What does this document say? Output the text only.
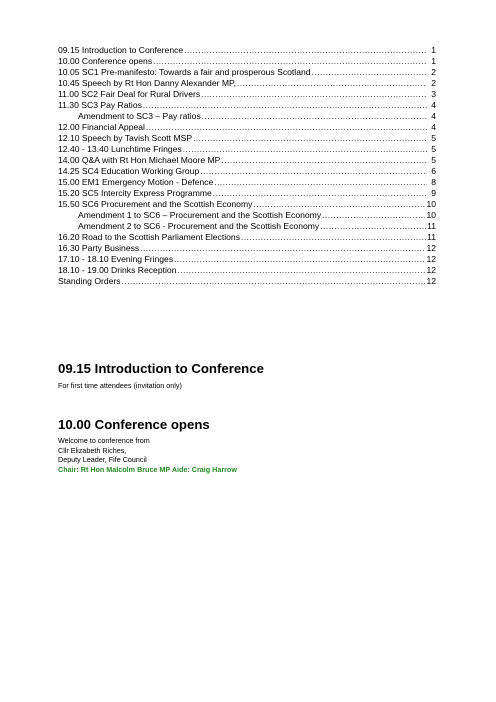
09.15 Introduction to Conference .....	1
10.00 Conference opens .....	1
10.05 SC1 Pre-manifesto: Towards a fair and prosperous Scotland .....	2
10.45 Speech by Rt Hon Danny Alexander MP, .....	2
11.00 SC2 Fair Deal for Rural Drivers .....	3
11.30 SC3 Pay Ratios .....	4
Amendment to SC3 – Pay ratios .....	4
12.00 Financial Appeal .....	4
12.10 Speech by Tavish Scott MSP .....	5
12.40 - 13.40 Lunchtime Fringes .....	5
14.00 Q&A with Rt Hon Michael Moore MP .....	5
14.25 SC4 Education Working Group .....	6
15.00 EM1 Emergency Motion - Defence .....	8
15.20 SC5 Intercity Express Programme .....	9
15.50 SC6 Procurement and the Scottish Economy .....	10
Amendment 1 to SC6 – Procurement and the Scottish Economy .....	10
Amendment 2 to SC6 - Procurement and the Scottish Economy .....	11
16.20 Road to the Scottish Parliament Elections .....	11
16.30 Party Business .....	12
17.10 - 18.10 Evening Fringes .....	12
18.10 - 19.00 Drinks Reception .....	12
Standing Orders .....	12
09.15 Introduction to Conference
For first time attendees (invitation only)
10.00 Conference opens
Welcome to conference from
Cllr Elizabeth Riches,
Deputy Leader, Fife Council
Chair: Rt Hon Malcolm Bruce MP Aide: Craig Harrow
